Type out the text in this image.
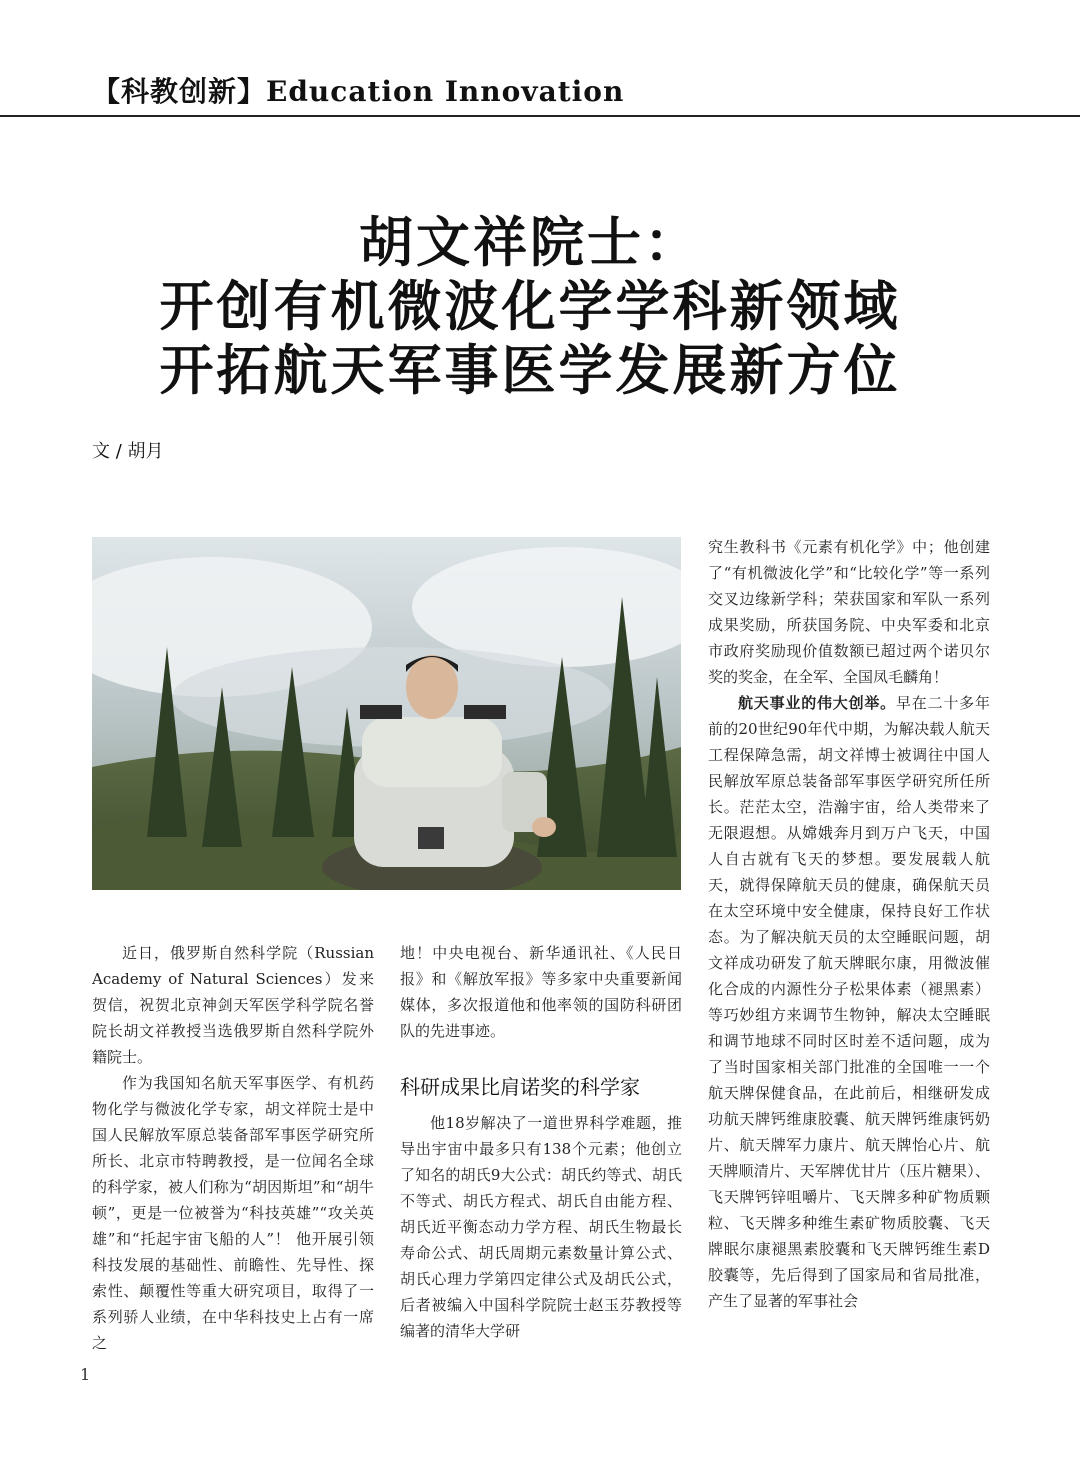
【科教创新】Education Innovation
胡文祥院士：
开创有机微波化学学科新领域
开拓航天军事医学发展新方位
文 / 胡月

近日，俄罗斯自然科学院（Russian Academy of Natural Sciences）发来贺信，祝贺北京神剑天军医学科学院名誉院长胡文祥教授当选俄罗斯自然科学院外籍院士。

作为我国知名航天军事医学、有机药物化学与微波化学专家，胡文祥院士是中国人民解放军原总装备部军事医学研究所所长、北京市特聘教授，是一位闻名全球的科学家，被人们称为“胡因斯坦”和“胡牛顿”，更是一位被誉为“科技英雄”“攻关英雄”和“托起宇宙飞船的人”！ 他开展引领科技发展的基础性、前瞻性、先导性、探索性、颠覆性等重大研究项目，取得了一系列骄人业绩，在中华科技史上占有一席之

地！中央电视台、新华通讯社、《人民日报》和《解放军报》等多家中央重要新闻媒体，多次报道他和他率领的国防科研团队的先进事迹。

科研成果比肩诺奖的科学家

他18岁解决了一道世界科学难题，推导出宇宙中最多只有138个元素；他创立了知名的胡氏9大公式：胡氏约等式、胡氏不等式、胡氏方程式、胡氏自由能方程、胡氏近平衡态动力学方程、胡氏生物最长寿命公式、胡氏周期元素数量计算公式、胡氏心理力学第四定律公式及胡氏公式，后者被编入中国科学院院士赵玉芬教授等编著的清华大学研

究生教科书《元素有机化学》中；他创建了“有机微波化学”和“比较化学”等一系列交叉边缘新学科；荣获国家和军队一系列成果奖励，所获国务院、中央军委和北京市政府奖励现价值数额已超过两个诺贝尔奖的奖金，在全军、全国凤毛麟角！

航天事业的伟大创举。早在二十多年前的20世纪90年代中期，为解决载人航天工程保障急需，胡文祥博士被调往中国人民解放军原总装备部军事医学研究所任所长。茫茫太空，浩瀚宇宙，给人类带来了无限遐想。从嫦娥奔月到万户飞天，中国人自古就有飞天的梦想。要发展载人航天，就得保障航天员的健康，确保航天员在太空环境中安全健康，保持良好工作状态。为了解决航天员的太空睡眠问题，胡文祥成功研发了航天牌眠尔康，用微波催化合成的内源性分子松果体素（褪黑素）等巧妙组方来调节生物钟，解决太空睡眠和调节地球不同时区时差不适问题，成为了当时国家相关部门批准的全国唯一一个航天牌保健食品，在此前后，相继研发成功航天牌钙维康胶囊、航天牌钙维康钙奶片、航天牌军力康片、航天牌怡心片、航天牌顺清片、天军牌优甘片（压片糖果）、飞天牌钙锌咀嚼片、飞天牌多种矿物质颗粒、飞天牌多种维生素矿物质胶囊、飞天牌眠尔康褪黑素胶囊和飞天牌钙维生素D胶囊等，先后得到了国家局和省局批准，产生了显著的军事社会

1
